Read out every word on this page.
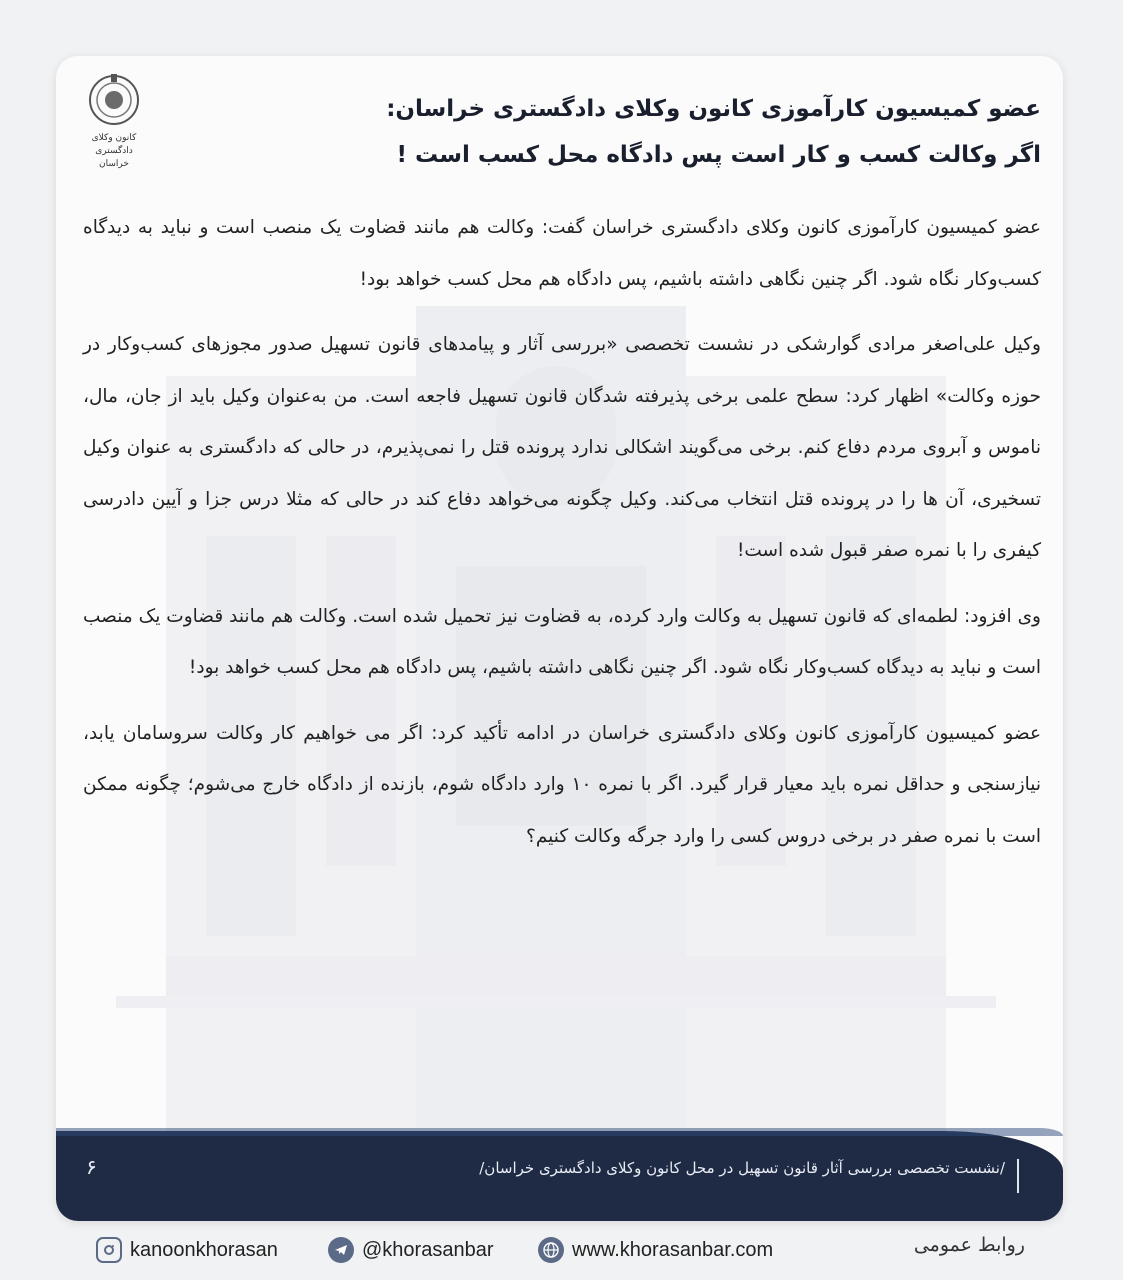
کانون وکلای دادگستری
خراسان
عضو کمیسیون کارآموزی کانون وکلای دادگستری خراسان:
اگر وکالت کسب و کار است پس دادگاه محل کسب است !

عضو کمیسیون کارآموزی کانون وکلای دادگستری خراسان گفت: وکالت هم مانند قضاوت یک منصب است و نباید به دیدگاه کسب‌وکار نگاه شود. اگر چنین نگاهی داشته باشیم، پس دادگاه هم محل کسب خواهد بود!

وکیل علی‌اصغر مرادی گوارشکی در نشست تخصصی «بررسی آثار و پیامدهای قانون تسهیل صدور مجوزهای کسب‌وکار در حوزه وکالت» اظهار کرد: سطح علمی برخی پذیرفته شدگان قانون تسهیل فاجعه است. من به‌عنوان وکیل باید از جان، مال، ناموس و آبروی مردم دفاع کنم. برخی می‌گویند اشکالی ندارد پرونده قتل را نمی‌پذیرم، در حالی که دادگستری به عنوان وکیل تسخیری، آن ها را در پرونده قتل انتخاب می‌کند. وکیل چگونه می‌خواهد دفاع کند در حالی که مثلا درس جزا و آیین دادرسی کیفری را با نمره صفر قبول شده است!

وی افزود: لطمه‌ای که قانون تسهیل به وکالت وارد کرده، به قضاوت نیز تحمیل شده است. وکالت هم مانند قضاوت یک منصب است و نباید به دیدگاه کسب‌وکار نگاه شود. اگر چنین نگاهی داشته باشیم، پس دادگاه هم محل کسب خواهد بود!

عضو کمیسیون کارآموزی کانون وکلای دادگستری خراسان در ادامه تأکید کرد: اگر می خواهیم کار وکالت سروسامان یابد، نیازسنجی و حداقل نمره باید معیار قرار گیرد. اگر با نمره ۱۰ وارد دادگاه شوم، بازنده از دادگاه خارج می‌شوم؛ چگونه ممکن است با نمره صفر در برخی دروس کسی را وارد جرگه وکالت کنیم؟

/نشست تخصصی بررسی آثار قانون تسهیل در محل کانون وکلای دادگستری خراسان/
۶
kanoonkhorasan	@khorasanbar	www.khorasanbar.com	روابط عمومی
